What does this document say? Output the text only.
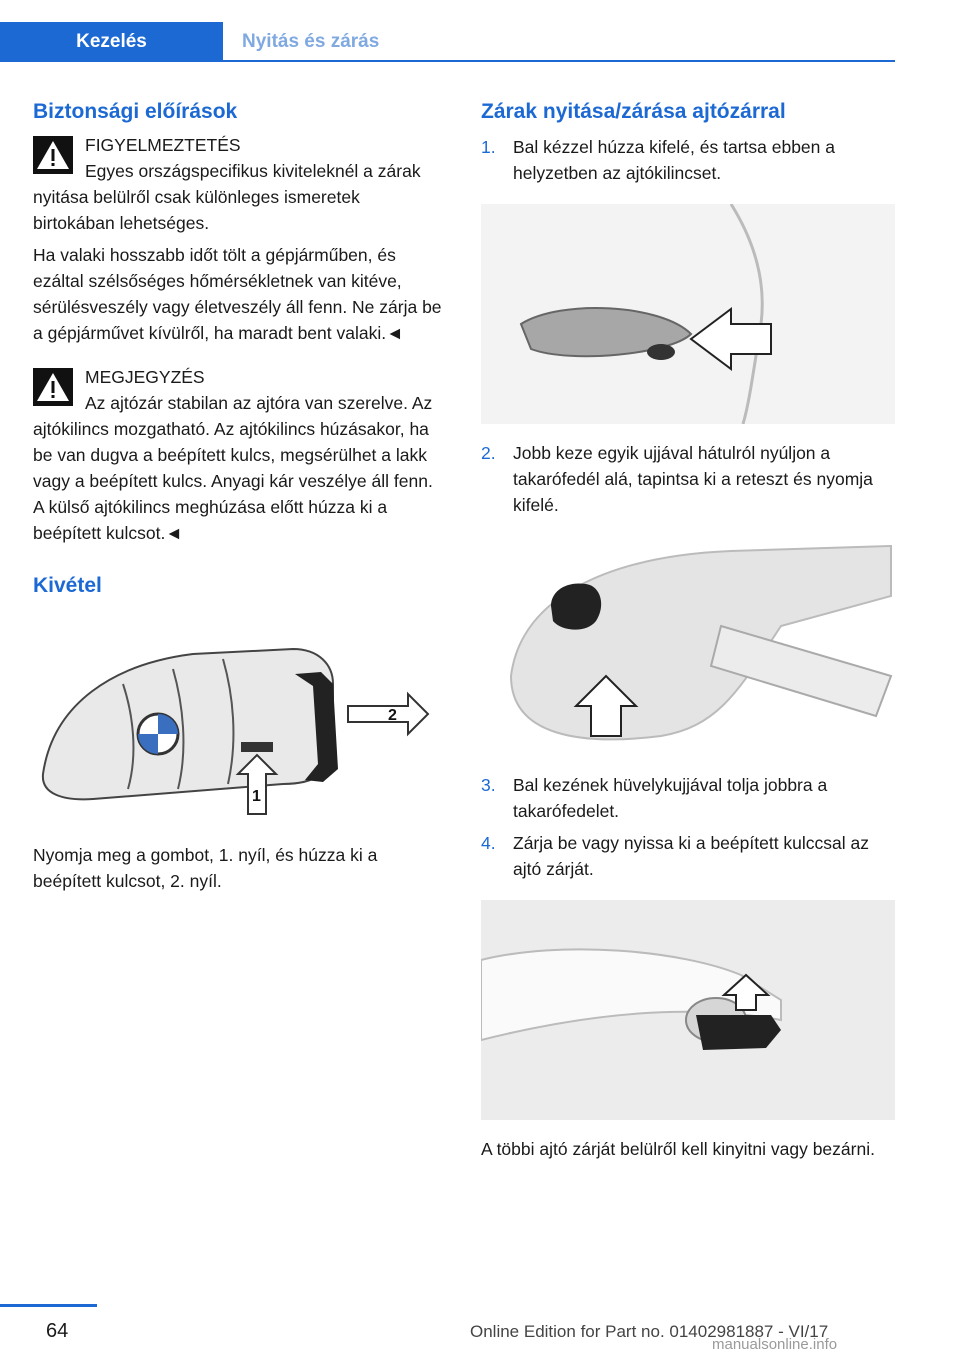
Kezelés	Nyitás és zárás
Biztonsági előírások
FIGYELMEZTETÉS

Egyes országspecifikus kiviteleknél a zárak nyitása belülről csak különleges ismeretek birtokában lehetséges.

Ha valaki hosszabb időt tölt a gépjárműben, és ezáltal szélsőséges hőmérsékletnek van kitéve, sérülésveszély vagy életveszély áll fenn. Ne zárja be a gépjárművet kívülről, ha maradt bent valaki.◄

MEGJEGYZÉS

Az ajtózár stabilan az ajtóra van szerelve. Az ajtókilincs mozgatható. Az ajtókilincs húzásakor, ha be van dugva a beépített kulcs, megsérülhet a lakk vagy a beépített kulcs. Anyagi kár veszélye áll fenn. A külső ajtókilincs meghúzása előtt húzza ki a beépített kulcsot.◄

Kivétel
2
1

Nyomja meg a gombot, 1. nyíl, és húzza ki a beépített kulcsot, 2. nyíl.

Zárak nyitása/zárása ajtózárral
1. Bal kézzel húzza kifelé, és tartsa ebben a helyzetben az ajtókilincset.
2. Jobb keze egyik ujjával hátulról nyúljon a takarófedél alá, tapintsa ki a reteszt és nyomja kifelé.
3. Bal kezének hüvelykujjával tolja jobbra a takarófedelet.
4. Zárja be vagy nyissa ki a beépített kulccsal az ajtó zárját.

A többi ajtó zárját belülről kell kinyitni vagy bezárni.

64	Online Edition for Part no. 01402981887 - VI/17
manualsonline.info
